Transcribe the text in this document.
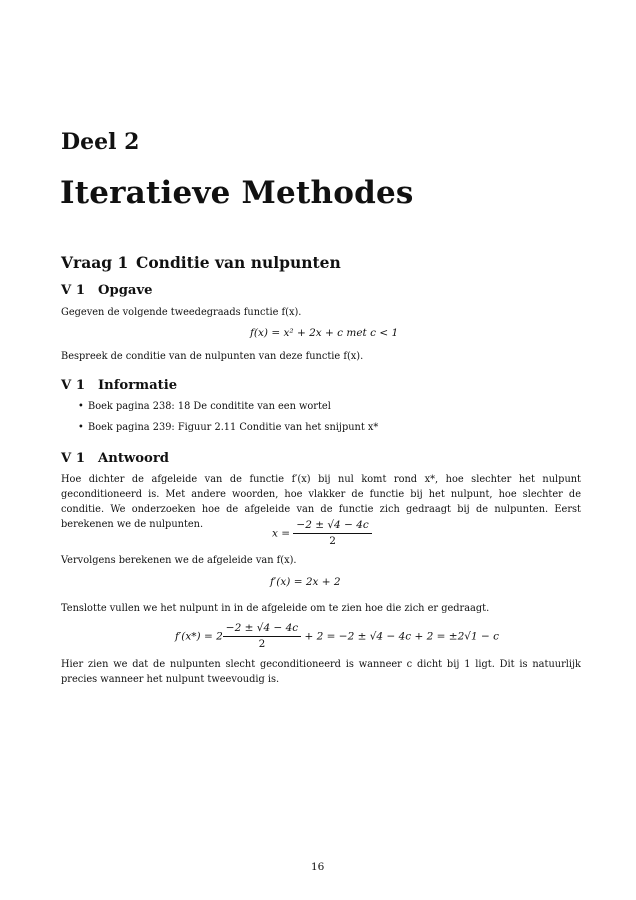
Deel 2
Iteratieve Methodes
Vraag 1 Conditie van nulpunten
V 1 Opgave
Gegeven de volgende tweedegraads functie f(x).
f(x) = x² + 2x + c met c < 1
Bespreek de conditie van de nulpunten van deze functie f(x).
V 1 Informatie
• Boek pagina 238: 18 De conditite van een wortel
• Boek pagina 239: Figuur 2.11 Conditie van het snijpunt x*
V 1 Antwoord
Hoe dichter de afgeleide van de functie f′(x) bij nul komt rond x*, hoe slechter het nulpunt geconditioneerd is. Met andere woorden, hoe vlakker de functie bij het nulpunt, hoe slechter de conditie. We onderzoeken hoe de afgeleide van de functie zich gedraagt bij de nulpunten. Eerst berekenen we de nulpunten.
$x = \frac{-2 \pm √4 - 4c}{2}$
Vervolgens berekenen we de afgeleide van f(x).
f′(x) = 2x + 2
Tenslotte vullen we het nulpunt in in de afgeleide om te zien hoe die zich er gedraagt.
$f'(x*) = 2 \frac{-2 \pm √4 - 4c}{2} + 2 = -2 \pm √4 - 4c + 2 = \pm 2√1 - c$
Hier zien we dat de nulpunten slecht geconditioneerd is wanneer c dicht bij 1 ligt. Dit is natuurlijk precies wanneer het nulpunt tweevoudig is.
16
